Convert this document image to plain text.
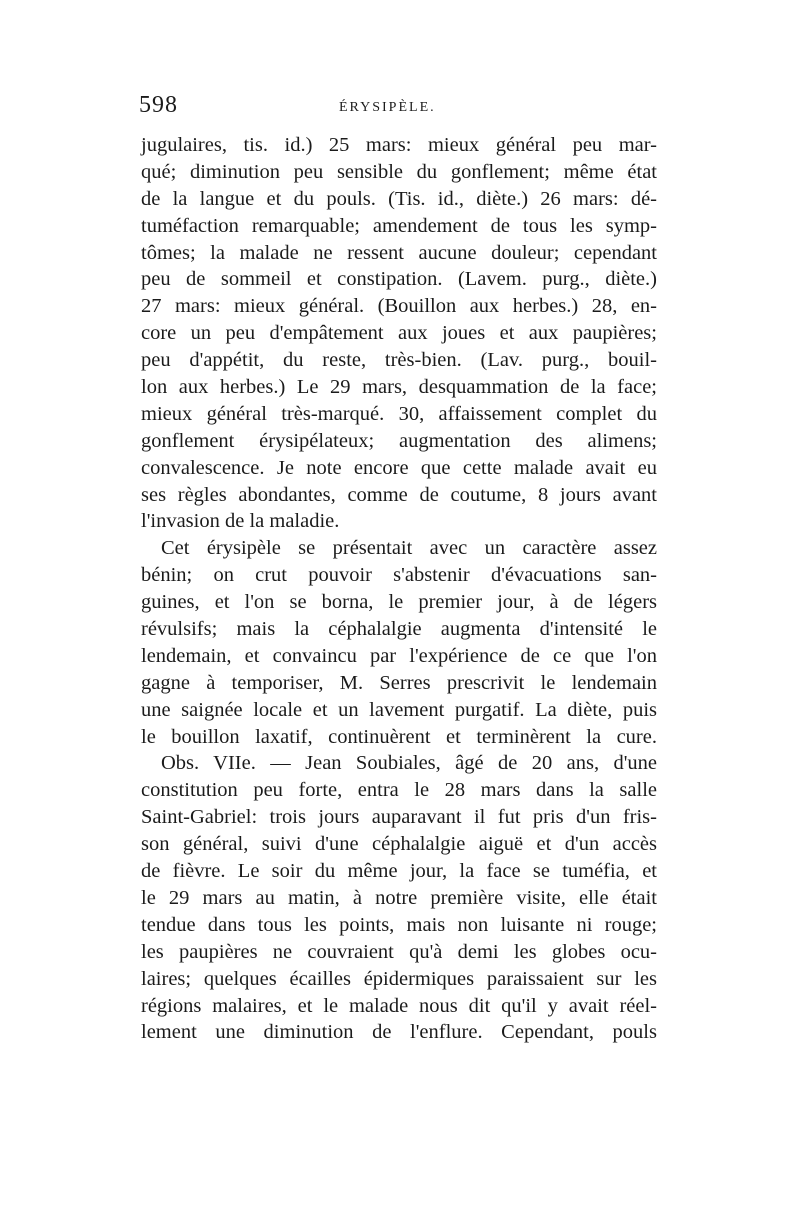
598	ÉRYSIPÈLE.
jugulaires, tis. id.) 25 mars: mieux général peu mar-
qué; diminution peu sensible du gonflement; même état
de la langue et du pouls. (Tis. id., diète.) 26 mars: dé-
tuméfaction remarquable; amendement de tous les symp-
tômes; la malade ne ressent aucune douleur; cependant
peu de sommeil et constipation. (Lavem. purg., diète.)
27 mars: mieux général. (Bouillon aux herbes.) 28, en-
core un peu d'empâtement aux joues et aux paupières;
peu d'appétit, du reste, très-bien. (Lav. purg., bouil-
lon aux herbes.) Le 29 mars, desquammation de la face;
mieux général très-marqué. 30, affaissement complet du
gonflement érysipélateux; augmentation des alimens;
convalescence. Je note encore que cette malade avait eu
ses règles abondantes, comme de coutume, 8 jours avant
l'invasion de la maladie.
Cet érysipèle se présentait avec un caractère assez
bénin; on crut pouvoir s'abstenir d'évacuations san-
guines, et l'on se borna, le premier jour, à de légers
révulsifs; mais la céphalalgie augmenta d'intensité le
lendemain, et convaincu par l'expérience de ce que l'on
gagne à temporiser, M. Serres prescrivit le lendemain
une saignée locale et un lavement purgatif. La diète, puis
le bouillon laxatif, continuèrent et terminèrent la cure.
Obs. VIIe. — Jean Soubiales, âgé de 20 ans, d'une
constitution peu forte, entra le 28 mars dans la salle
Saint-Gabriel: trois jours auparavant il fut pris d'un fris-
son général, suivi d'une céphalalgie aiguë et d'un accès
de fièvre. Le soir du même jour, la face se tuméfia, et
le 29 mars au matin, à notre première visite, elle était
tendue dans tous les points, mais non luisante ni rouge;
les paupières ne couvraient qu'à demi les globes ocu-
laires; quelques écailles épidermiques paraissaient sur les
régions malaires, et le malade nous dit qu'il y avait réel-
lement une diminution de l'enflure. Cependant, pouls
